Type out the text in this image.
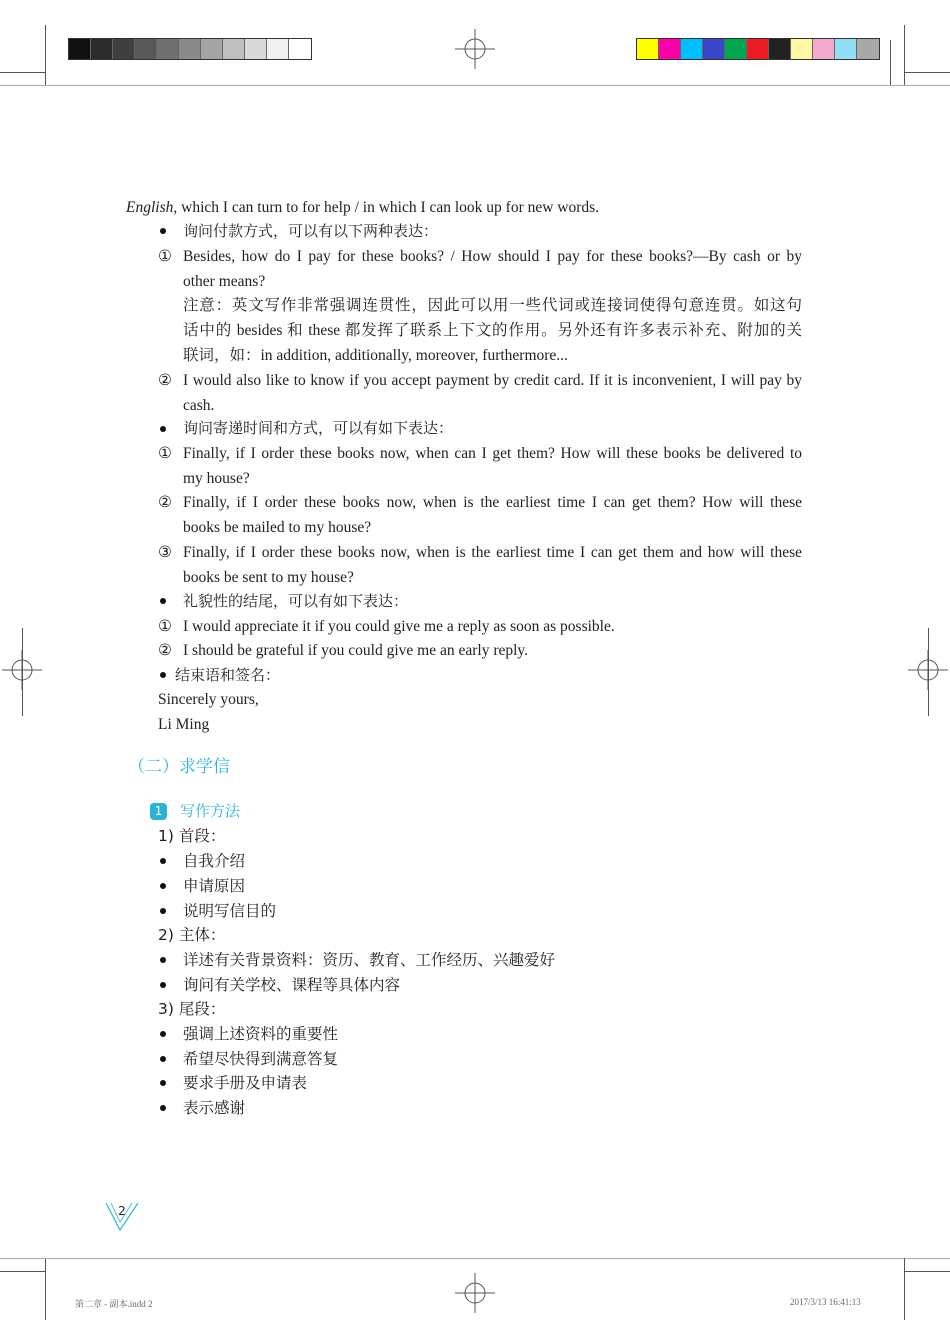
English, which I can turn to for help / in which I can look up for new words.
询问付款方式，可以有以下两种表达：
① Besides, how do I pay for these books? / How should I pay for these books?—By cash or by
other means?
注意：英文写作非常强调连贯性，因此可以用一些代词或连接词使得句意连贯。如这句
话中的 besides 和 these 都发挥了联系上下文的作用。另外还有许多表示补充、附加的关
联词，如：in addition, additionally, moreover, furthermore...
② I would also like to know if you accept payment by credit card. If it is inconvenient, I will pay by
cash.
询问寄递时间和方式，可以有如下表达：
① Finally, if I order these books now, when can I get them? How will these books be delivered to
my house?
② Finally, if I order these books now, when is the earliest time I can get them? How will these
books be mailed to my house?
③ Finally, if I order these books now, when is the earliest time I can get them and how will these
books be sent to my house?
礼貌性的结尾，可以有如下表达：
① I would appreciate it if you could give me a reply as soon as possible.
② I should be grateful if you could give me an early reply.
结束语和签名：
Sincerely yours,
Li Ming
（二）求学信
1	写作方法
1) 首段：
自我介绍
申请原因
说明写信目的
2) 主体：
详述有关背景资料：资历、教育、工作经历、兴趣爱好
询问有关学校、课程等具体内容
3) 尾段：
强调上述资料的重要性
希望尽快得到满意答复
要求手册及申请表
表示感谢
2
第二章 - 副本.indd 2	2017/3/13 16:41:13
